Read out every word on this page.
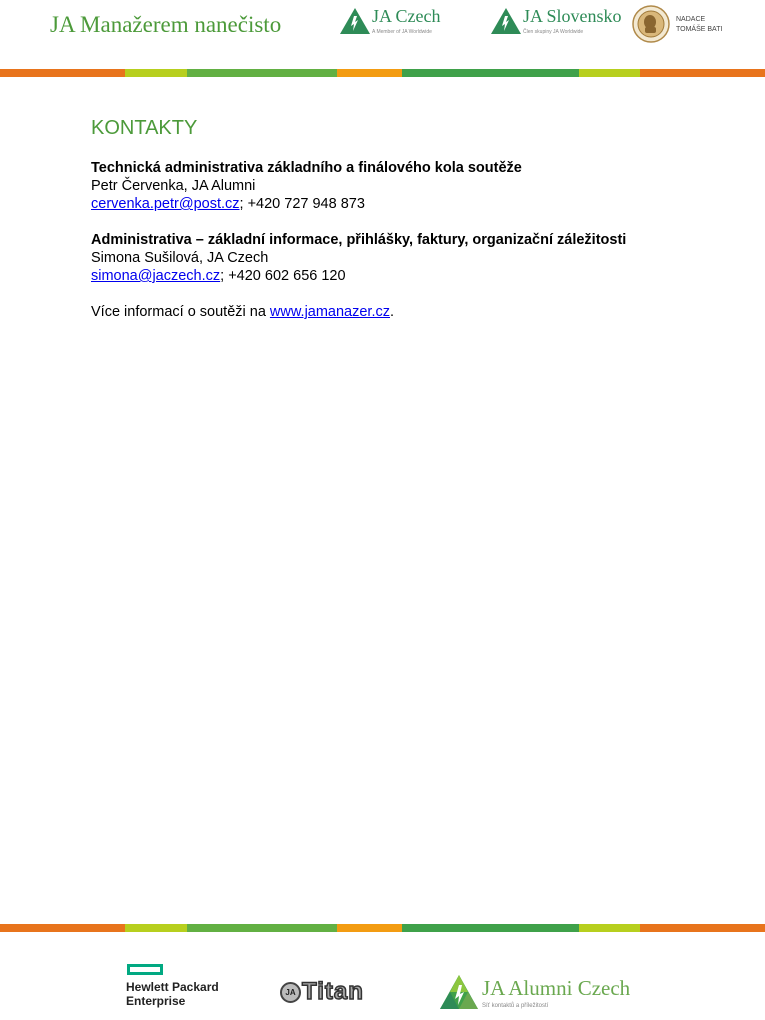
JA Manažerem nanečisto	JA Czech
A Member of JA Worldwide
JA Slovensko
Člen skupiny JA Worldwide
NADACE
TOMÁŠE BATI
KONTAKTY
Technická administrativa základního a finálového kola soutěže
Petr Červenka, JA Alumni
cervenka.petr@post.cz; +420 727 948 873
Administrativa – základní informace, přihlášky, faktury, organizační záležitosti
Simona Sušilová, JA Czech
simona@jaczech.cz; +420 602 656 120
Více informací o soutěži na www.jamanazer.cz.
Hewlett Packard
Enterprise
JA Titan	JA Alumni Czech
Síť kontaktů a příležitostí
